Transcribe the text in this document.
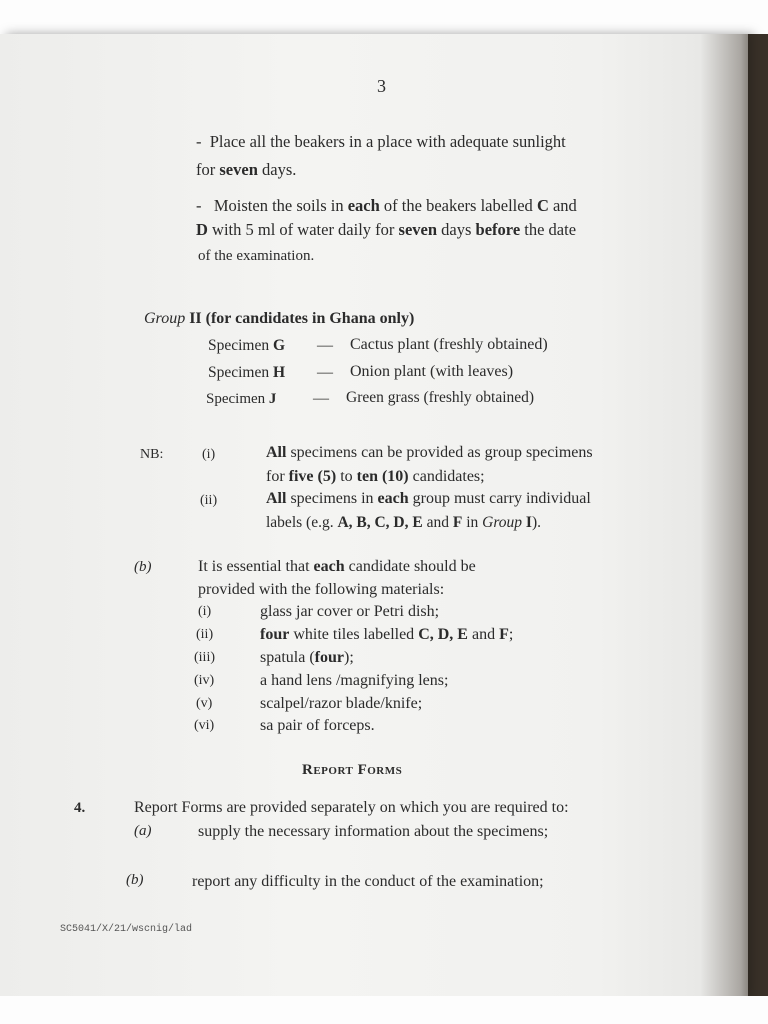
3
-  Place all the beakers in a place with adequate sunlight
for seven days.
-   Moisten the soils in each of the beakers labelled C and
D with 5 ml of water daily for seven days before the date
of the examination.
Group II (for candidates in Ghana only)
Specimen G — Cactus plant (freshly obtained)
Specimen H — Onion plant (with leaves)
Specimen J — Green grass (freshly obtained)
NB:	(i)	All specimens can be provided as group specimens
for five (5) to ten (10) candidates;
(ii)	All specimens in each group must carry individual
labels (e.g. A, B, C, D, E and F in Group I).
(b)	It is essential that each candidate should be
provided with the following materials:
(i)	glass jar cover or Petri dish;
(ii)	four white tiles labelled C, D, E and F;
(iii)	spatula (four);
(iv)	a hand lens /magnifying lens;
(v)	scalpel/razor blade/knife;
(vi)	sa pair of forceps.
Report Forms
4.	Report Forms are provided separately on which you are required to:
(a)	supply the necessary information about the specimens;
(b)	report any difficulty in the conduct of the examination;
SC5041/X/21/wscnig/lad
